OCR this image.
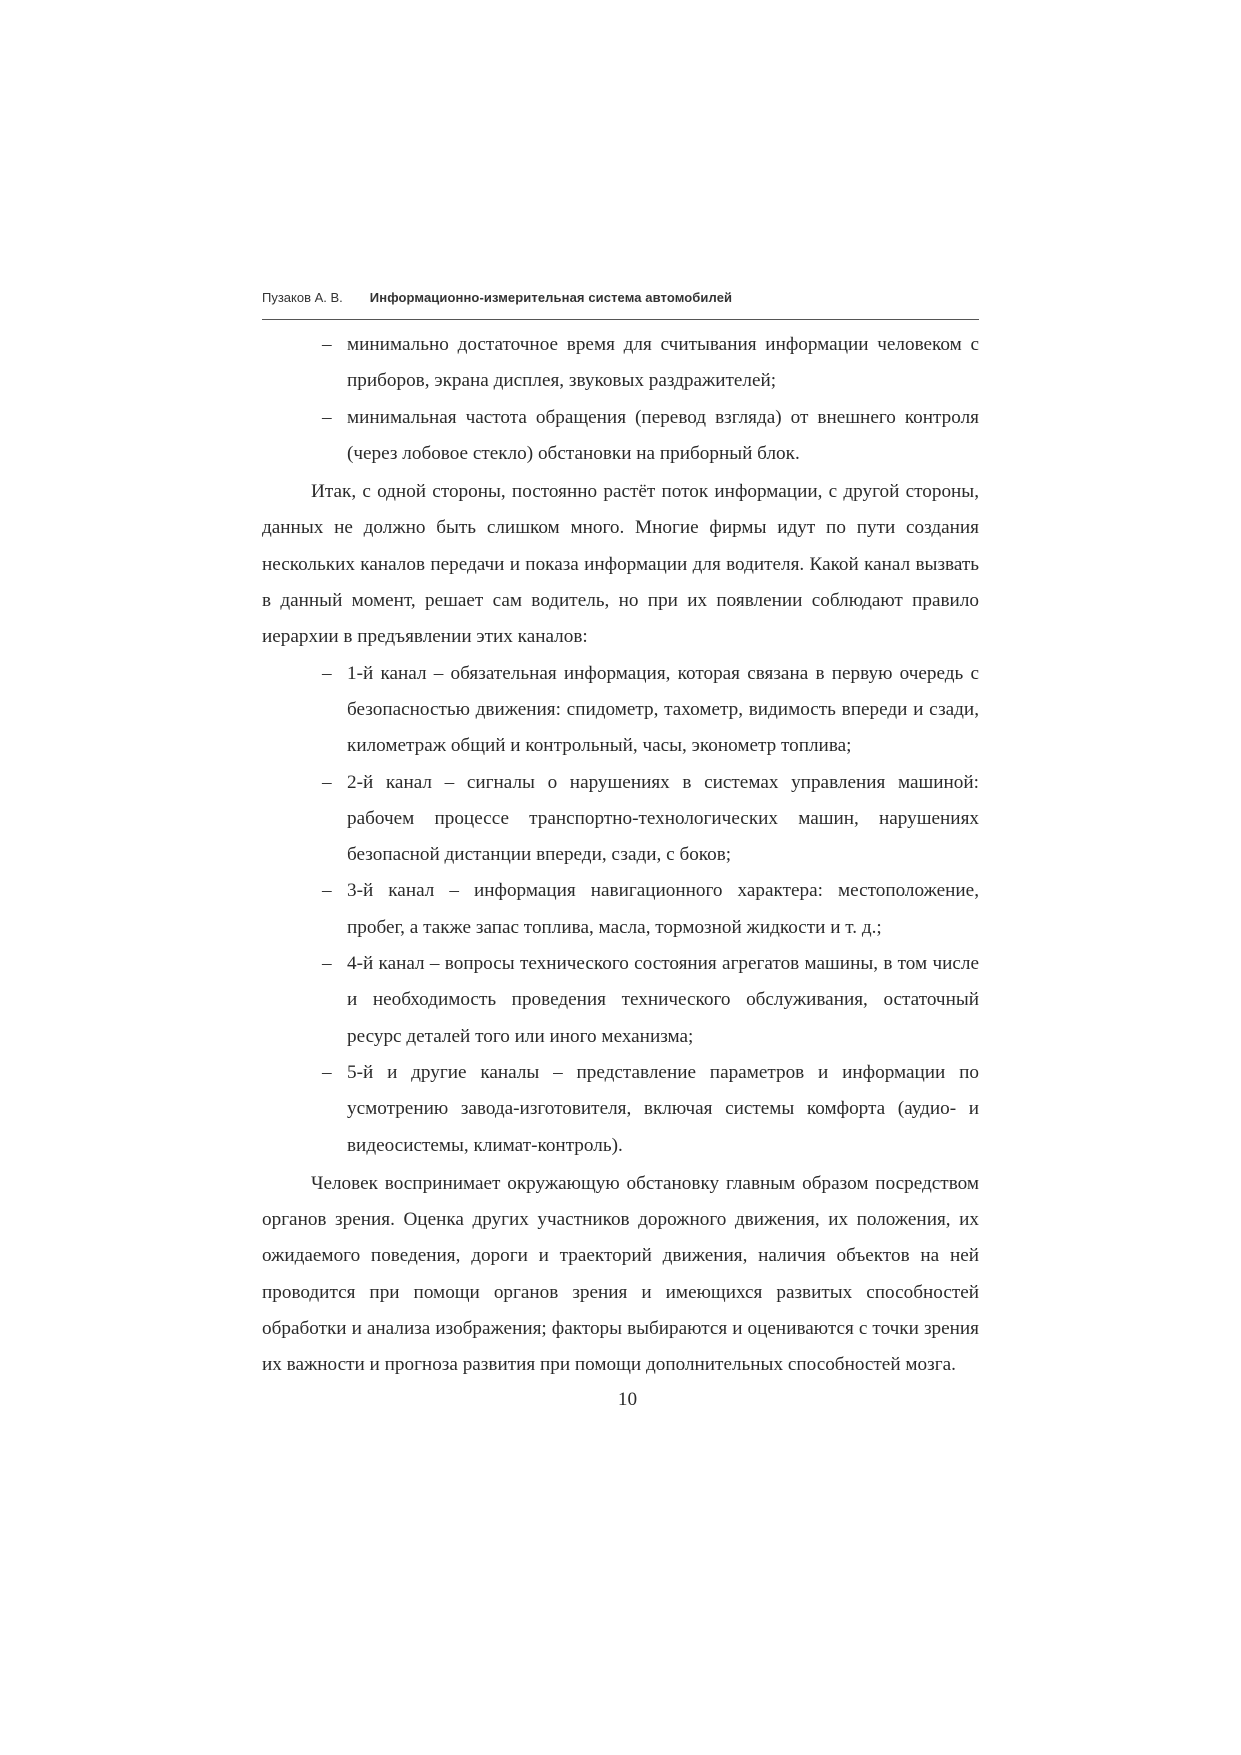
Пузаков А. В. Информационно-измерительная система автомобилей
– минимально достаточное время для считывания информации человеком с приборов, экрана дисплея, звуковых раздражителей;
– минимальная частота обращения (перевод взгляда) от внешнего контроля (через лобовое стекло) обстановки на приборный блок.

Итак, с одной стороны, постоянно растёт поток информации, с другой стороны, данных не должно быть слишком много. Многие фирмы идут по пути создания нескольких каналов передачи и показа информации для водителя. Какой канал вызвать в данный момент, решает сам водитель, но при их появлении соблюдают правило иерархии в предъявлении этих каналов:

– 1-й канал – обязательная информация, которая связана в первую очередь с безопасностью движения: спидометр, тахометр, видимость впереди и сзади, километраж общий и контрольный, часы, эконометр топлива;
– 2-й канал – сигналы о нарушениях в системах управления машиной: рабочем процессе транспортно-технологических машин, нарушениях безопасной дистанции впереди, сзади, с боков;
– 3-й канал – информация навигационного характера: местоположение, пробег, а также запас топлива, масла, тормозной жидкости и т. д.;
– 4-й канал – вопросы технического состояния агрегатов машины, в том числе и необходимость проведения технического обслуживания, остаточный ресурс деталей того или иного механизма;
– 5-й и другие каналы – представление параметров и информации по усмотрению завода-изготовителя, включая системы комфорта (аудио- и видеосистемы, климат-контроль).

Человек воспринимает окружающую обстановку главным образом посредством органов зрения. Оценка других участников дорожного движения, их положения, их ожидаемого поведения, дороги и траекторий движения, наличия объектов на ней проводится при помощи органов зрения и имеющихся развитых способностей обработки и анализа изображения; факторы выбираются и оцениваются с точки зрения их важности и прогноза развития при помощи дополнительных способностей мозга.

10
